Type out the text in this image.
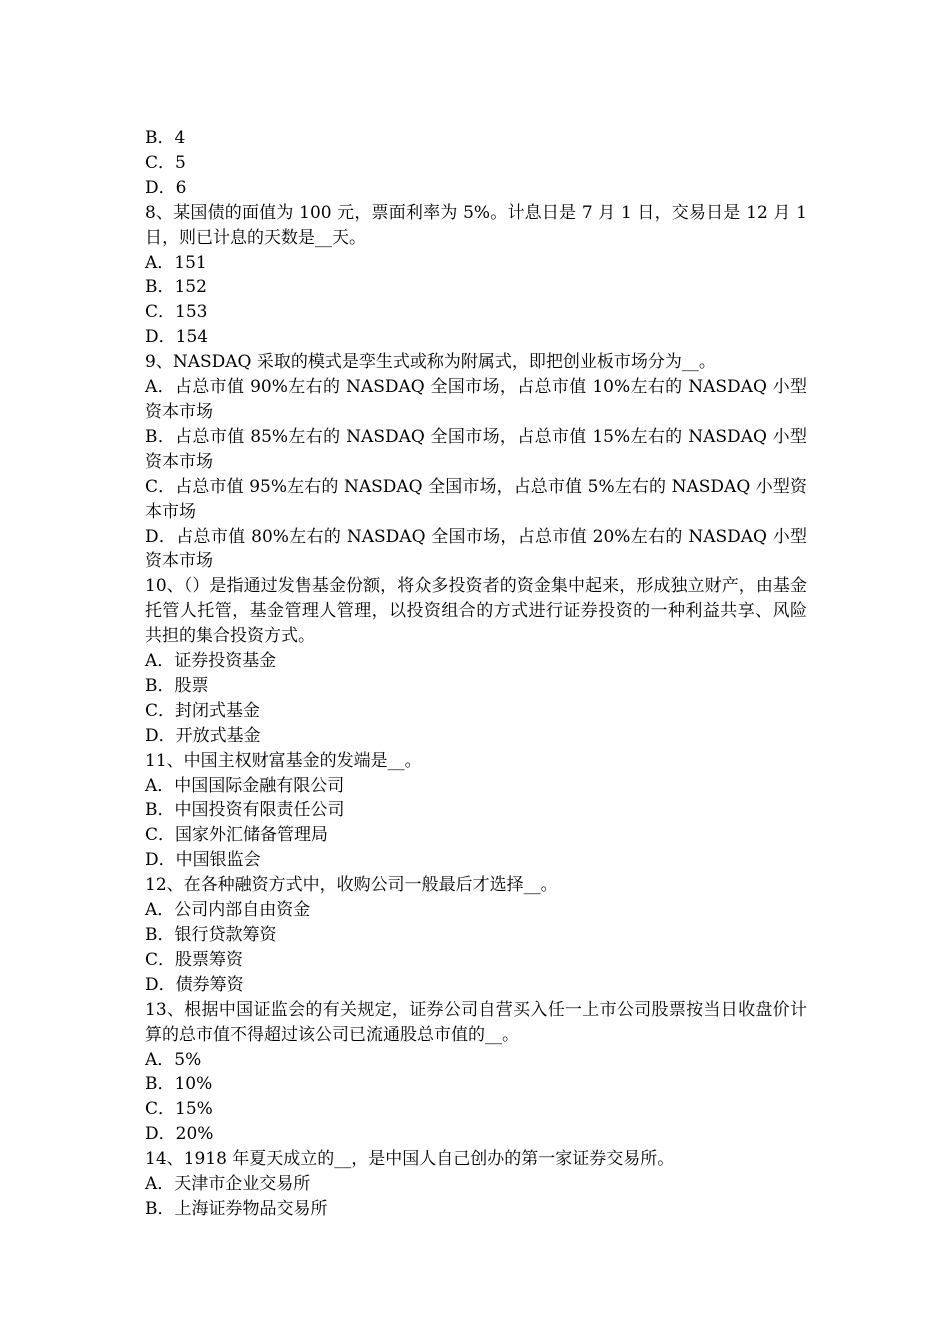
B．4

C．5

D．6

8、某国债的面值为 100 元，票面利率为 5%。计息日是 7 月 1 日，交易日是 12 月 1 日，则已计息的天数是__天。

A．151

B．152

C．153

D．154

9、NASDAQ 采取的模式是孪生式或称为附属式，即把创业板市场分为__。

A．占总市值 90%左右的 NASDAQ 全国市场，占总市值 10%左右的 NASDAQ 小型资本市场

B．占总市值 85%左右的 NASDAQ 全国市场，占总市值 15%左右的 NASDAQ 小型资本市场

C．占总市值 95%左右的 NASDAQ 全国市场，占总市值 5%左右的 NASDAQ 小型资本市场

D．占总市值 80%左右的 NASDAQ 全国市场，占总市值 20%左右的 NASDAQ 小型资本市场

10、（）是指通过发售基金份额，将众多投资者的资金集中起来，形成独立财产，由基金托管人托管，基金管理人管理，以投资组合的方式进行证券投资的一种利益共享、风险共担的集合投资方式。

A．证券投资基金

B．股票

C．封闭式基金

D．开放式基金

11、中国主权财富基金的发端是__。

A．中国国际金融有限公司

B．中国投资有限责任公司

C．国家外汇储备管理局

D．中国银监会

12、在各种融资方式中，收购公司一般最后才选择__。

A．公司内部自由资金

B．银行贷款筹资

C．股票筹资

D．债券筹资

13、根据中国证监会的有关规定，证券公司自营买入任一上市公司股票按当日收盘价计算的总市值不得超过该公司已流通股总市值的__。

A．5%

B．10%

C．15%

D．20%

14、1918 年夏天成立的__，是中国人自己创办的第一家证券交易所。

A．天津市企业交易所

B．上海证券物品交易所
